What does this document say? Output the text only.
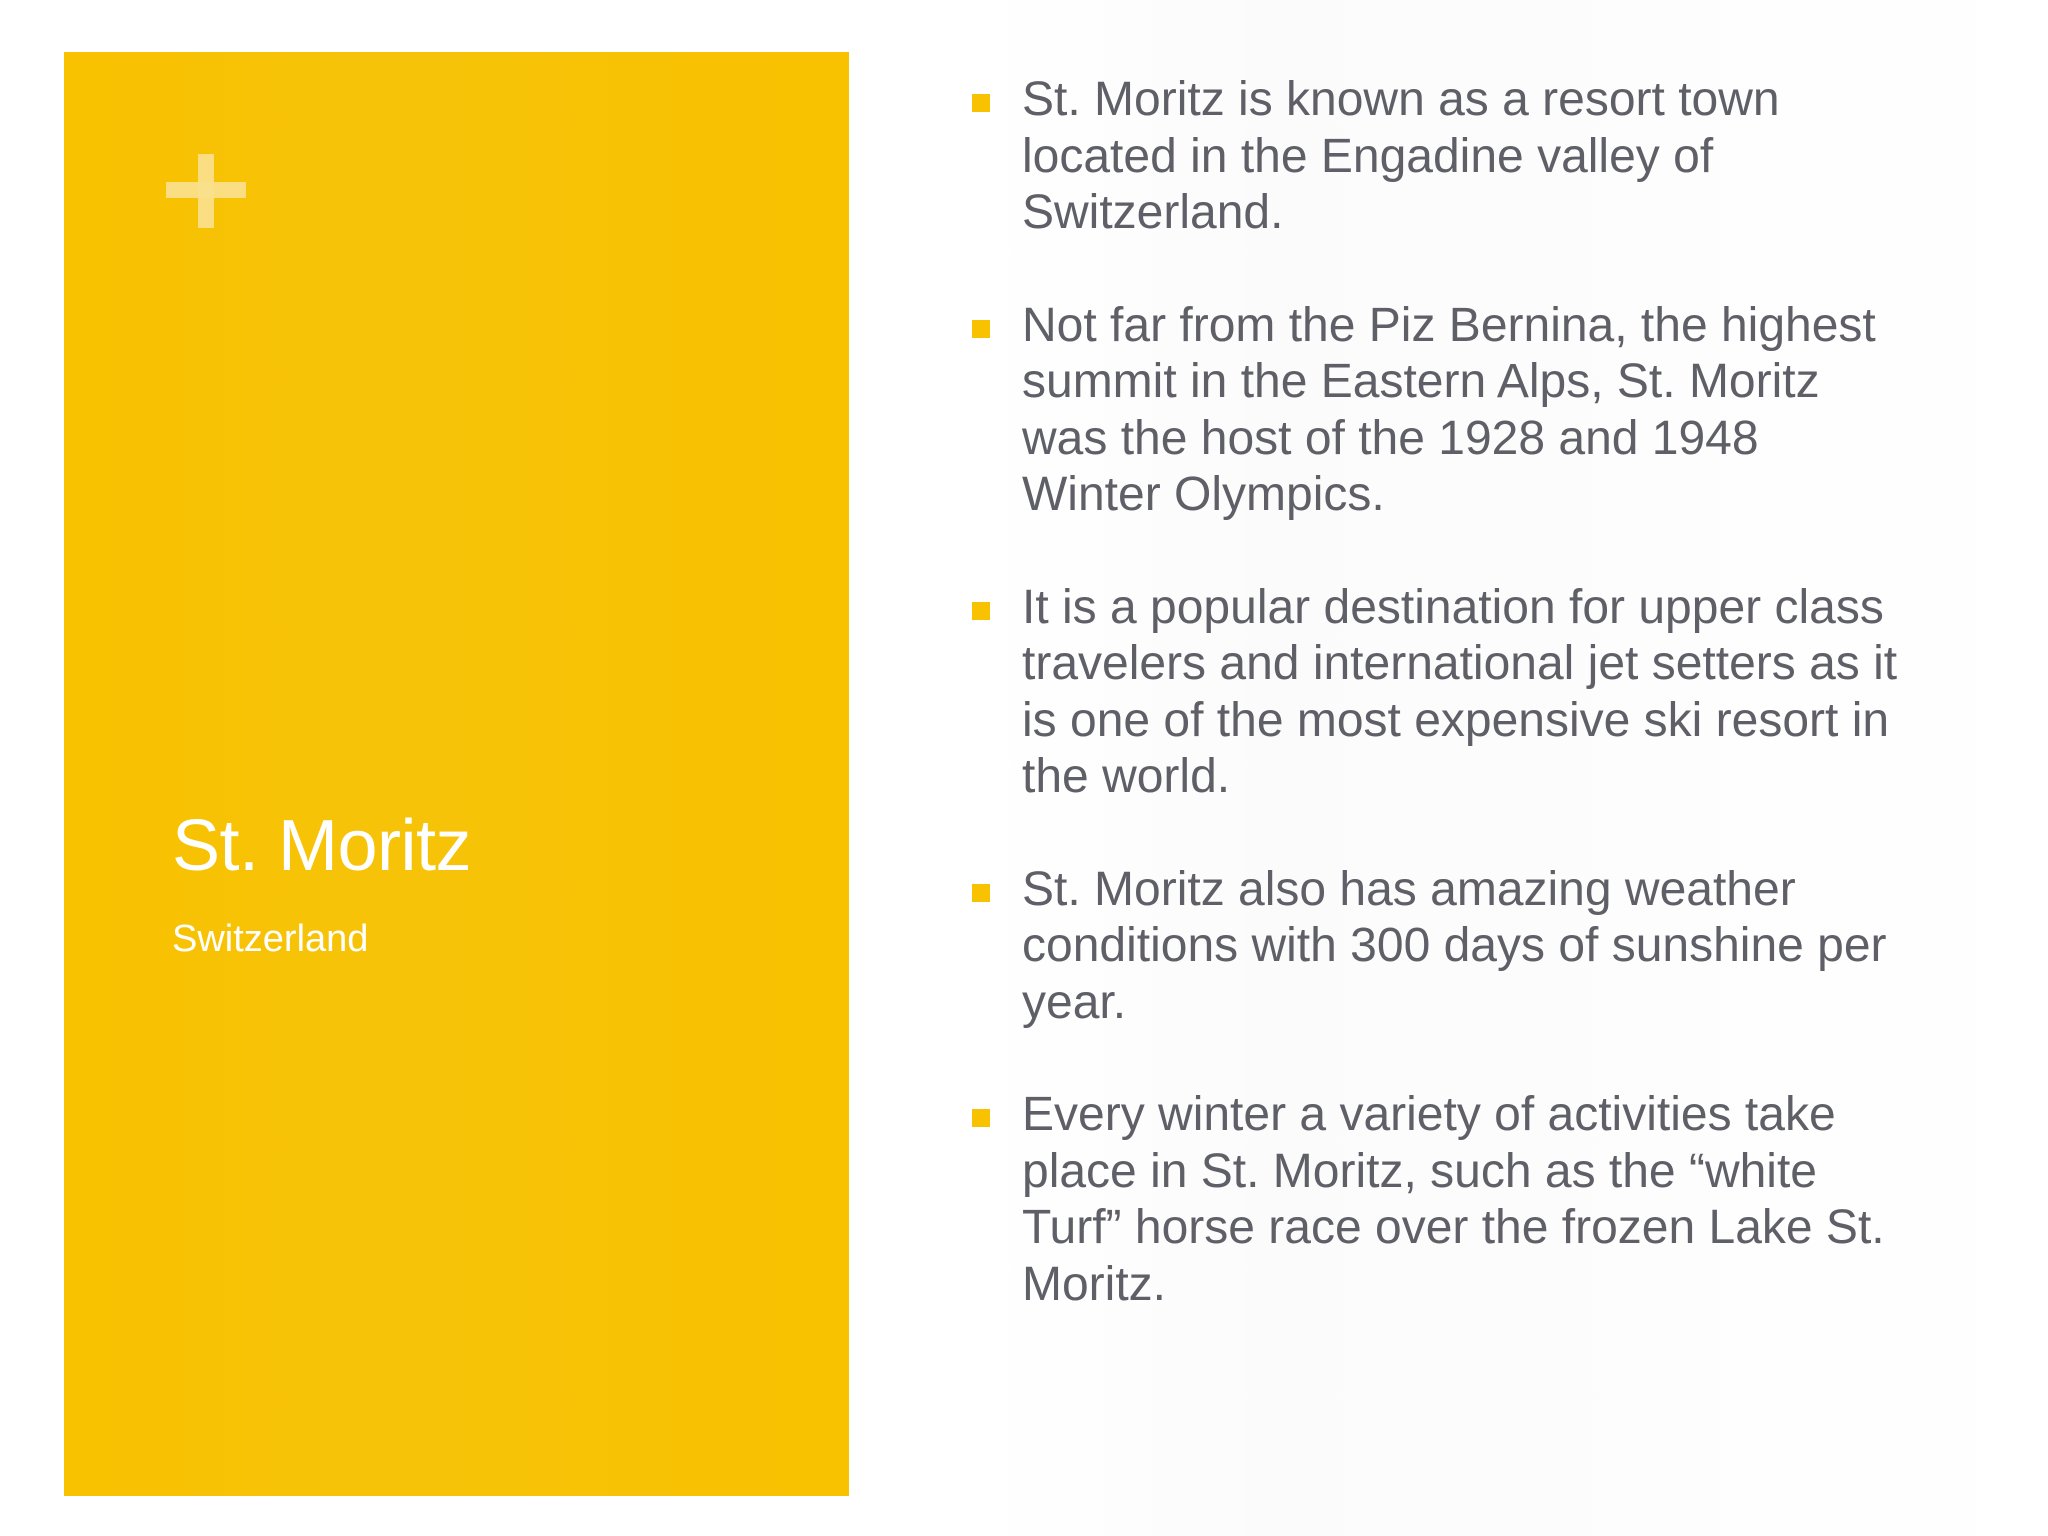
St. Moritz
Switzerland
St. Moritz is known as a resort town
located in the Engadine valley of
Switzerland.
Not far from the Piz Bernina, the highest
summit in the Eastern Alps, St. Moritz
was the host of the 1928 and 1948
Winter Olympics.
It is a popular destination for upper class
travelers and international jet setters as it
is one of the most expensive ski resort in
the world.
St. Moritz also has amazing weather
conditions with 300 days of sunshine per
year.
Every winter a variety of activities take
place in St. Moritz, such as the “white
Turf” horse race over the frozen Lake St.
Moritz.
